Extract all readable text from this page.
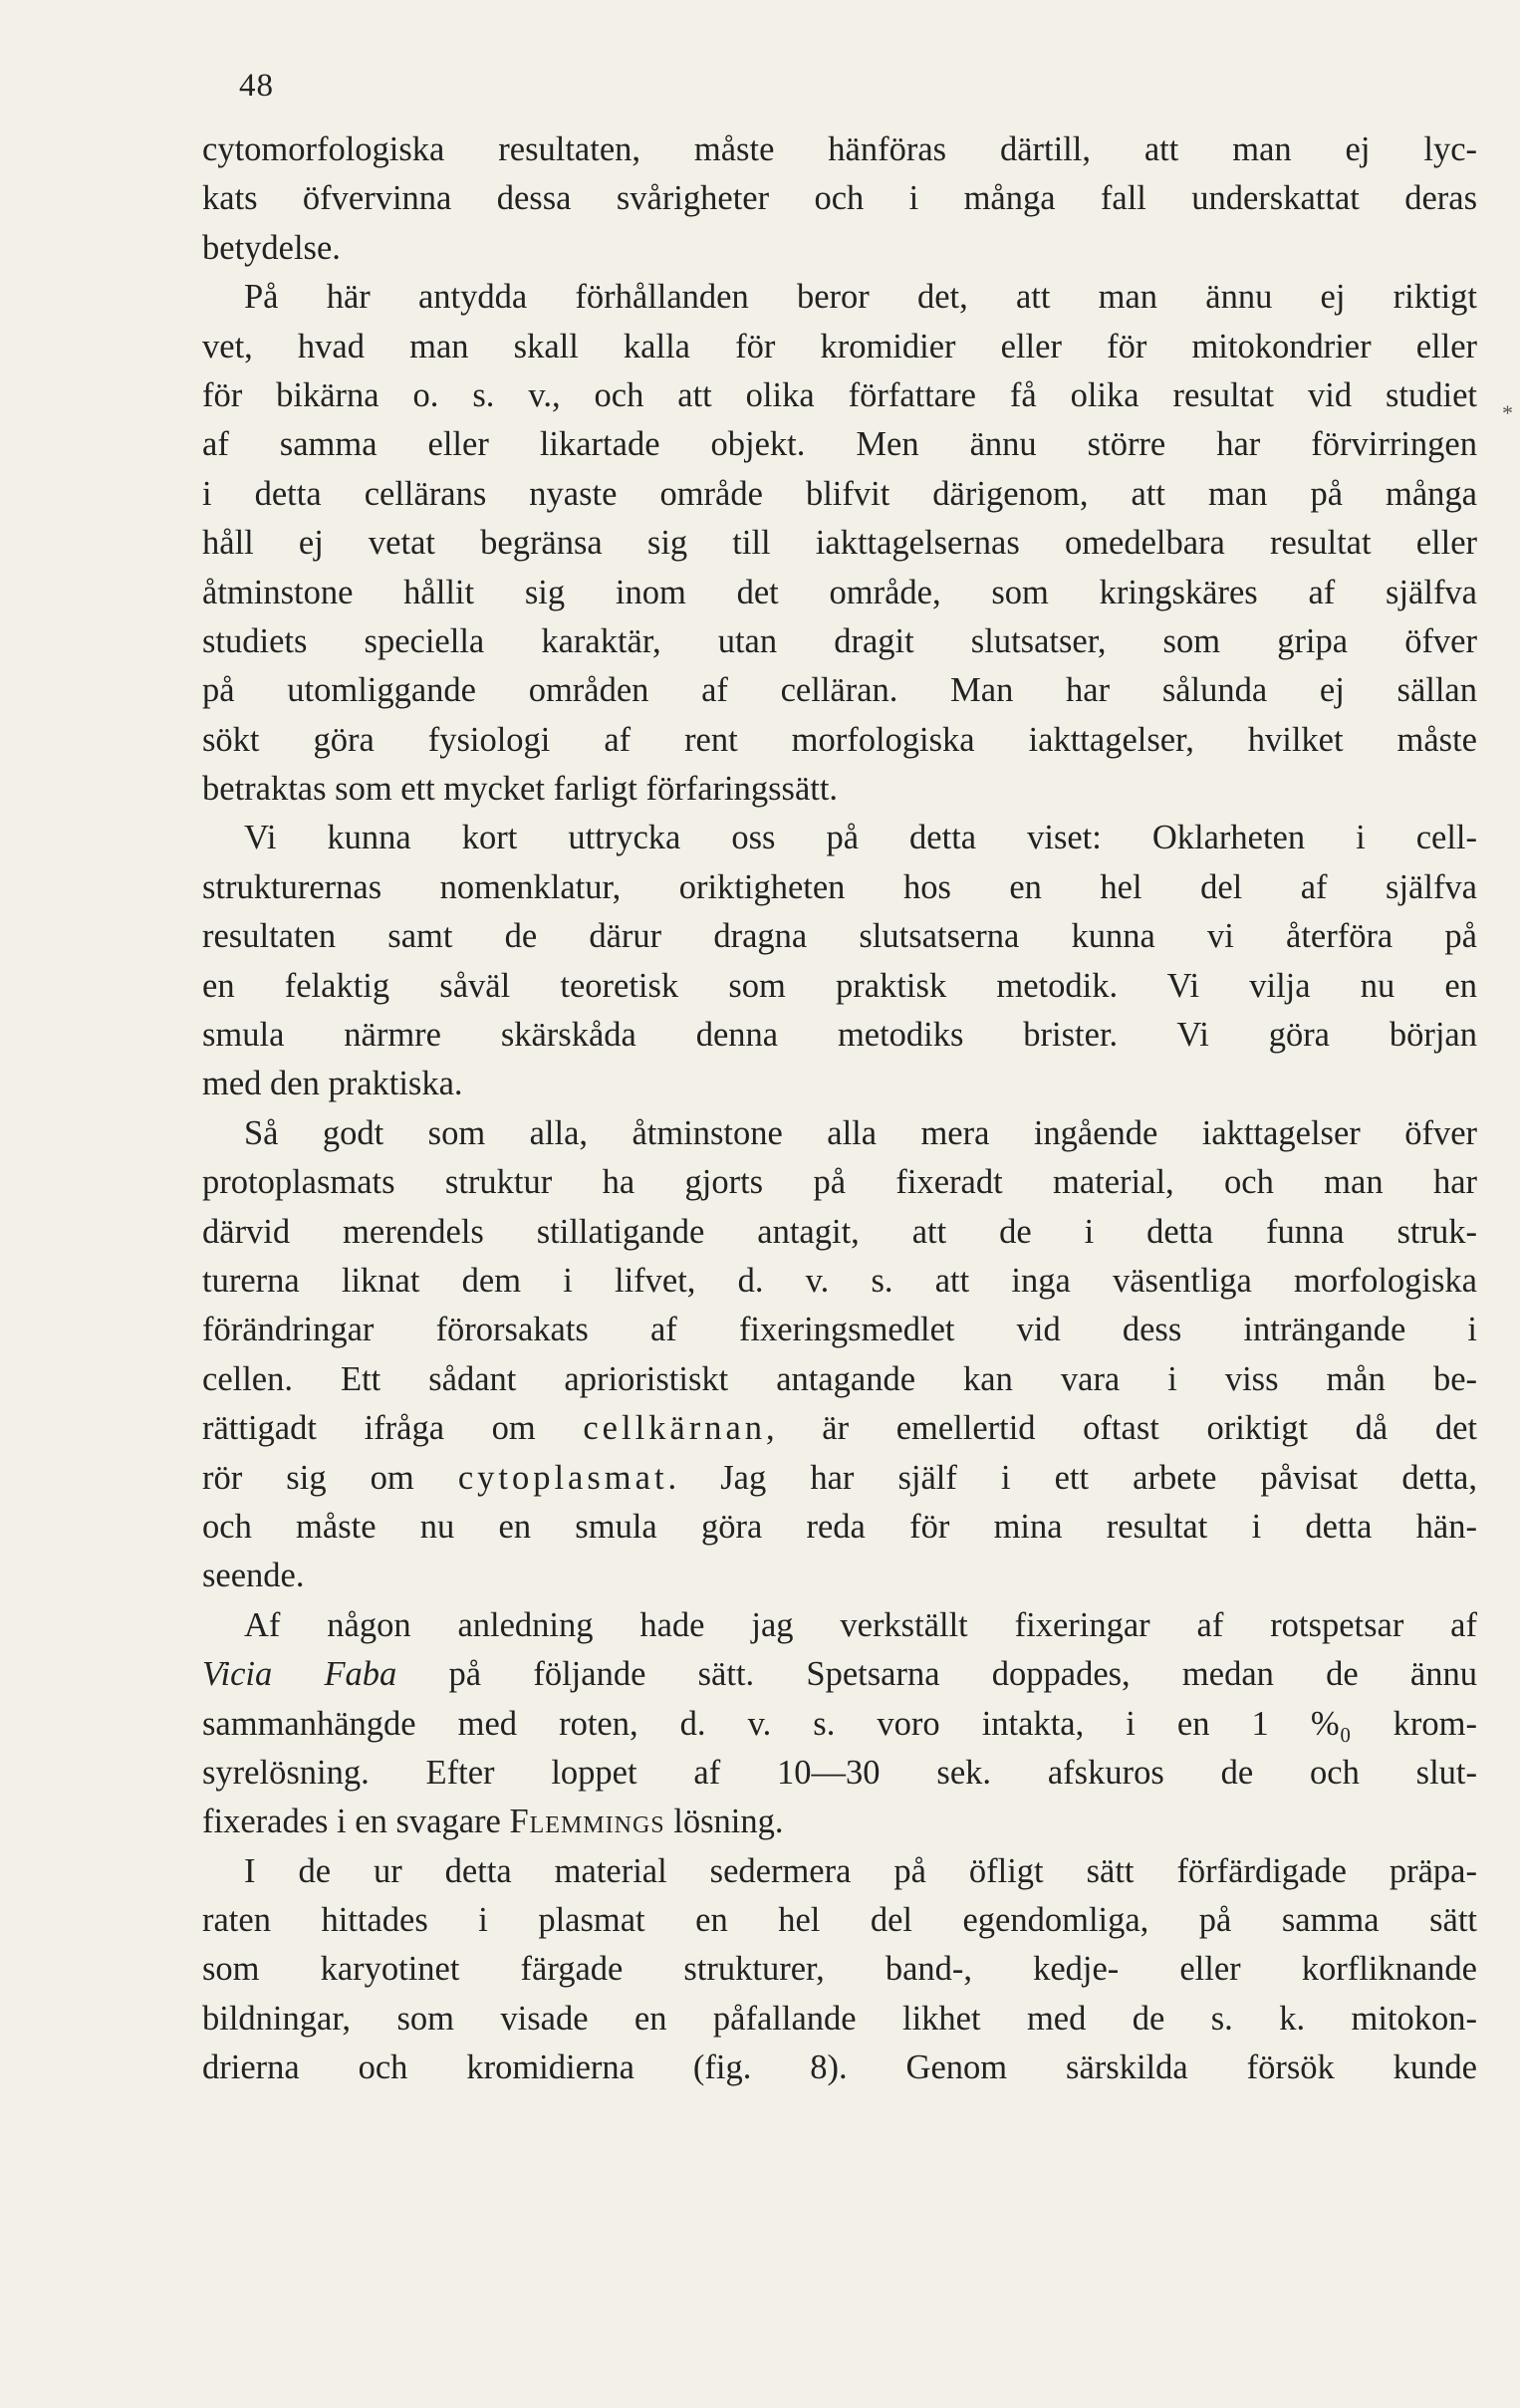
48
*
cytomorfologiska resultaten, måste hänföras därtill, att man ej lyc-
kats öfvervinna dessa svårigheter och i många fall underskattat deras
betydelse.
På här antydda förhållanden beror det, att man ännu ej riktigt
vet, hvad man skall kalla för kromidier eller för mitokondrier eller
för bikärna o. s. v., och att olika författare få olika resultat vid studiet
af samma eller likartade objekt. Men ännu större har förvirringen
i detta cellärans nyaste område blifvit därigenom, att man på många
håll ej vetat begränsa sig till iakttagelsernas omedelbara resultat eller
åtminstone hållit sig inom det område, som kringskäres af själfva
studiets speciella karaktär, utan dragit slutsatser, som gripa öfver
på utomliggande områden af celläran. Man har sålunda ej sällan
sökt göra fysiologi af rent morfologiska iakttagelser, hvilket måste
betraktas som ett mycket farligt förfaringssätt.
Vi kunna kort uttrycka oss på detta viset: Oklarheten i cell-
strukturernas nomenklatur, oriktigheten hos en hel del af själfva
resultaten samt de därur dragna slutsatserna kunna vi återföra på
en felaktig såväl teoretisk som praktisk metodik. Vi vilja nu en
smula närmre skärskåda denna metodiks brister. Vi göra början
med den praktiska.
Så godt som alla, åtminstone alla mera ingående iakttagelser öfver
protoplasmats struktur ha gjorts på fixeradt material, och man har
därvid merendels stillatigande antagit, att de i detta funna struk-
turerna liknat dem i lifvet, d. v. s. att inga väsentliga morfologiska
förändringar förorsakats af fixeringsmedlet vid dess inträngande i
cellen. Ett sådant aprioristiskt antagande kan vara i viss mån be-
rättigadt ifråga om cellkärnan, är emellertid oftast oriktigt då det
rör sig om cytoplasmat. Jag har själf i ett arbete påvisat detta,
och måste nu en smula göra reda för mina resultat i detta hän-
seende.
Af någon anledning hade jag verkställt fixeringar af rotspetsar af
Vicia Faba på följande sätt. Spetsarna doppades, medan de ännu
sammanhängde med roten, d. v. s. voro intakta, i en 1 %₀ krom-
syrelösning. Efter loppet af 10—30 sek. afskuros de och slut-
fixerades i en svagare Flemmings lösning.
I de ur detta material sedermera på öfligt sätt förfärdigade präpa-
raten hittades i plasmat en hel del egendomliga, på samma sätt
som karyotinet färgade strukturer, band-, kedje- eller korfliknande
bildningar, som visade en påfallande likhet med de s. k. mitokon-
drierna och kromidierna (fig. 8). Genom särskilda försök kunde
